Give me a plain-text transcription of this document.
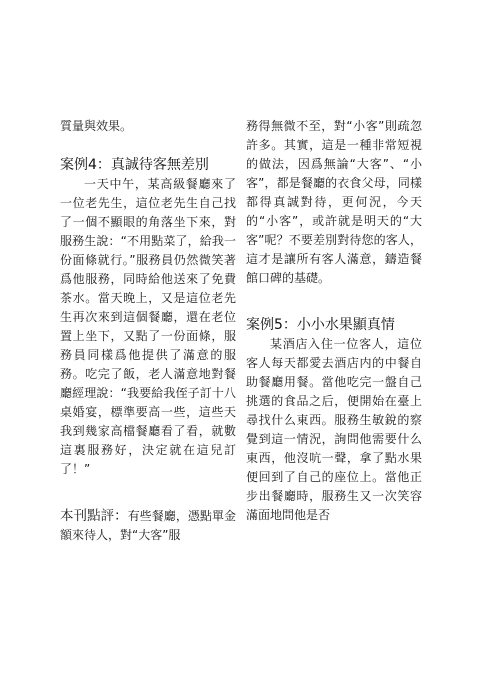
質量與效果。

案例4：真誠待客無差別

一天中午，某高級餐廳來了一位老先生，這位老先生自己找了一個不顯眼的角落坐下來，對服務生說：“不用點菜了，給我一份面條就行。”服務員仍然微笑著爲他服務，同時給他送來了免費茶水。當天晚上，又是這位老先生再次來到這個餐廳，還在老位置上坐下，又點了一份面條，服務員同樣爲他提供了滿意的服務。吃完了飯，老人滿意地對餐廳經理說：“我要給我侄子訂十八桌婚宴，標準要高一些，這些天我到幾家高檔餐廳看了看，就數這裏服務好，決定就在這兒訂了！”

本刊點評：有些餐廳，憑點單金額來待人，對“大客”服

務得無微不至，對“小客”則疏忽許多。其實，這是一種非常短視的做法，因爲無論“大客”、“小客”，都是餐廳的衣食父母，同樣都得真誠對待，更何況，今天的“小客”，或許就是明天的“大客”呢？不要差別對待您的客人，這才是讓所有客人滿意，鑄造餐館口碑的基礎。

案例5：小小水果顯真情

某酒店入住一位客人，這位客人每天都愛去酒店内的中餐自助餐廳用餐。當他吃完一盤自己挑選的食品之后，便開始在臺上尋找什么東西。服務生敏銳的察覺到這一情況，詢問他需要什么東西，他沒吭一聲，拿了點水果便回到了自己的座位上。當他正步出餐廳時，服務生又一次笑容滿面地問他是否
